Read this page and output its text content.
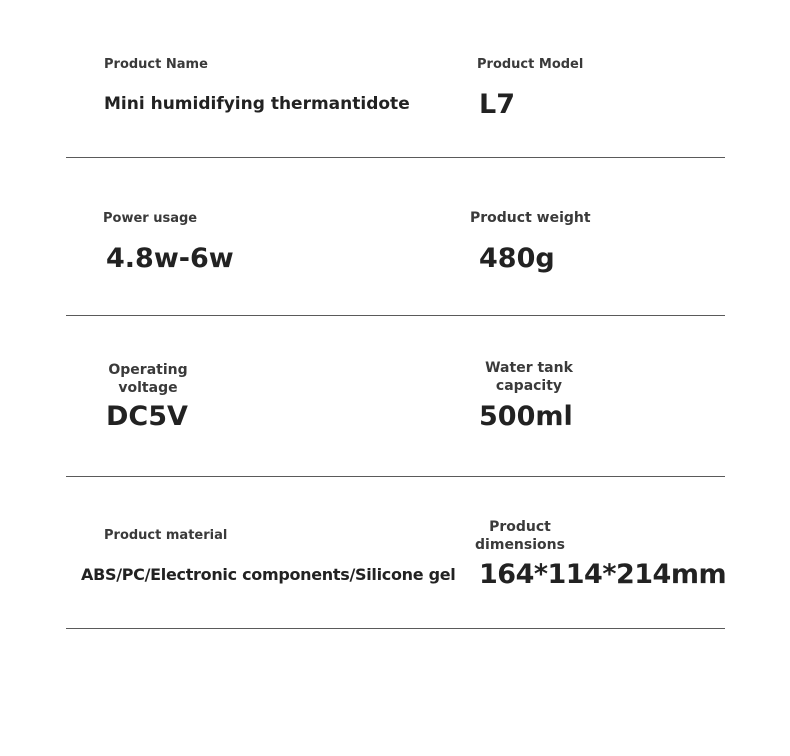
Product Name
Mini humidifying thermantidote
Product Model
L7
Power usage
4.8w-6w
Product weight
480g
Operating
voltage
DC5V
Water tank
capacity
500ml
Product material
ABS/PC/Electronic components/Silicone gel
Product
dimensions
164*114*214mm
